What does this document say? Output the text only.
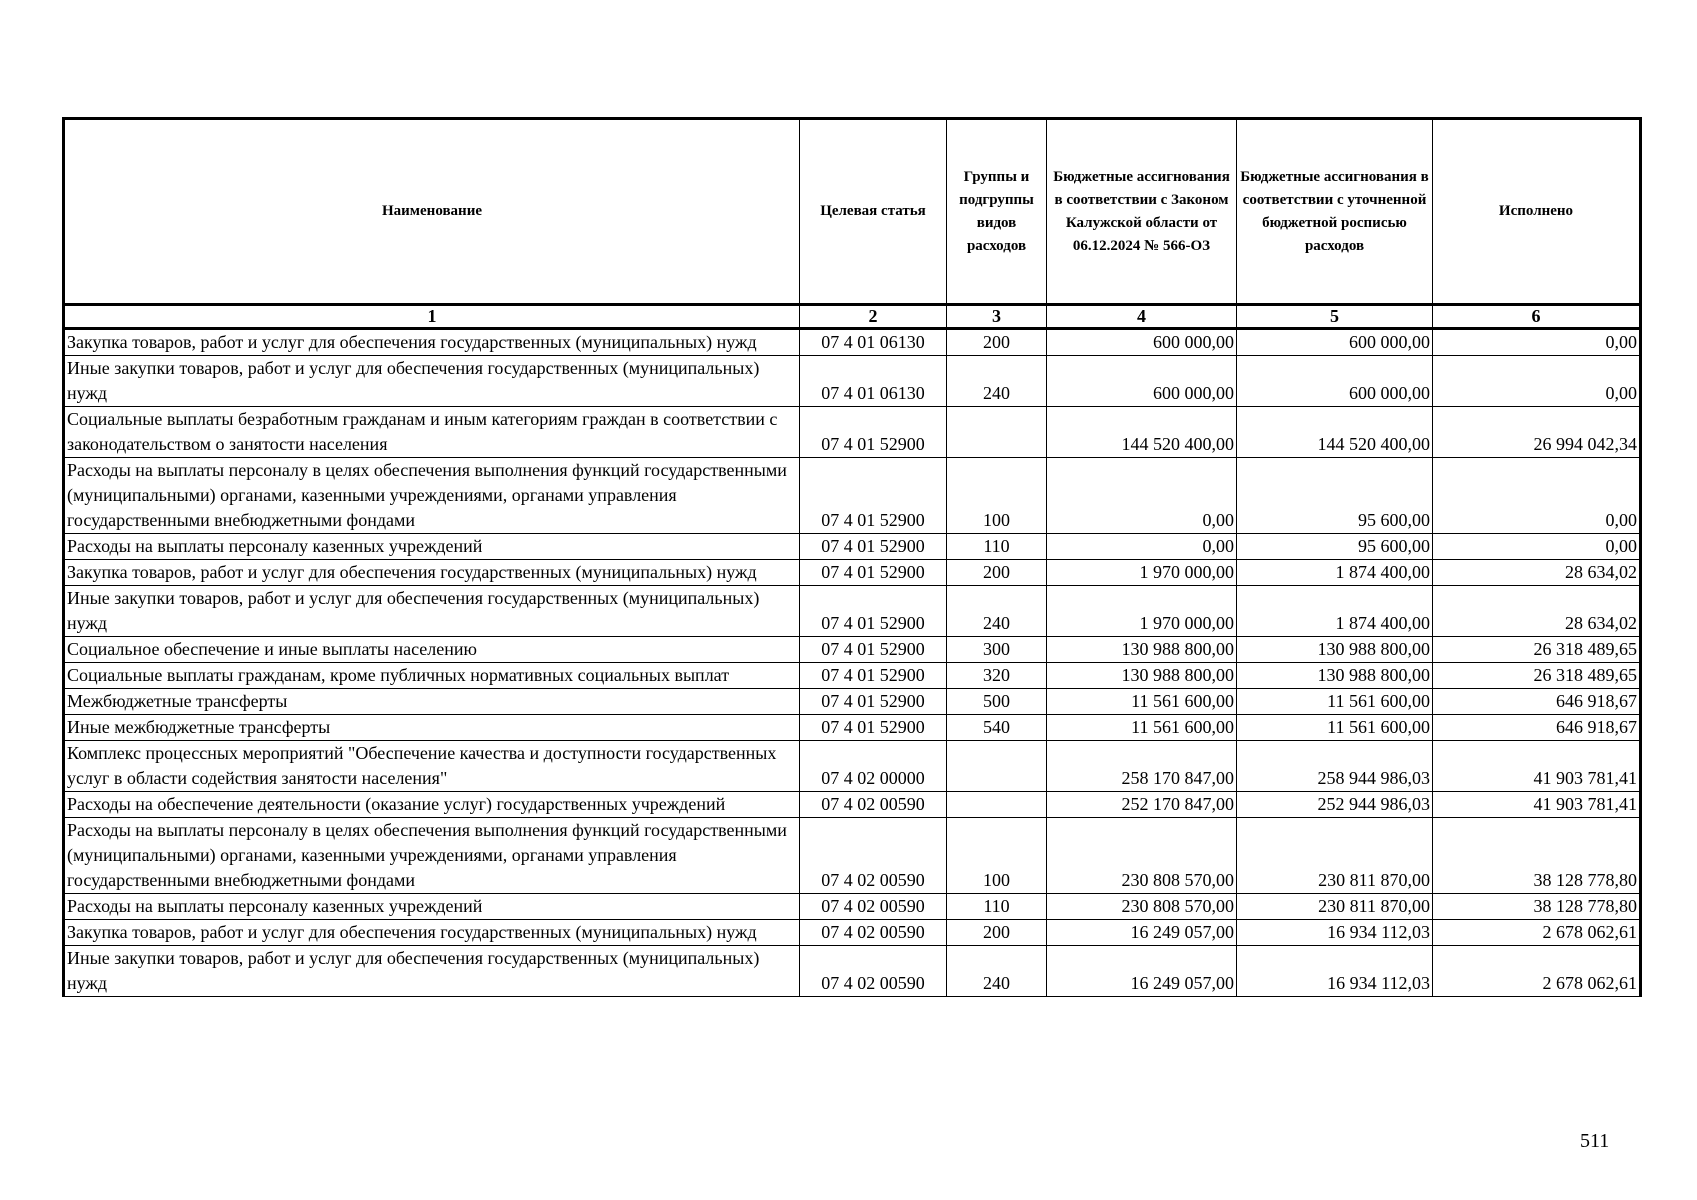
Наименование	Целевая статья	Группы и подгруппы видов расходов	Бюджетные ассигнования в соответствии с Законом Калужской области от 06.12.2024 № 566-ОЗ	Бюджетные ассигнования в соответствии с уточненной бюджетной росписью расходов	Исполнено
1	2	3	4	5	6
Закупка товаров, работ и услуг для обеспечения государственных (муниципальных) нужд	07 4 01 06130	200	600 000,00	600 000,00	0,00
Иные закупки товаров, работ и услуг для обеспечения государственных (муниципальных) нужд	07 4 01 06130	240	600 000,00	600 000,00	0,00
Социальные выплаты безработным гражданам и иным категориям граждан в соответствии с законодательством о занятости населения	07 4 01 52900		144 520 400,00	144 520 400,00	26 994 042,34
Расходы на выплаты персоналу в целях обеспечения выполнения функций государственными (муниципальными) органами, казенными учреждениями, органами управления государственными внебюджетными фондами	07 4 01 52900	100	0,00	95 600,00	0,00
Расходы на выплаты персоналу казенных учреждений	07 4 01 52900	110	0,00	95 600,00	0,00
Закупка товаров, работ и услуг для обеспечения государственных (муниципальных) нужд	07 4 01 52900	200	1 970 000,00	1 874 400,00	28 634,02
Иные закупки товаров, работ и услуг для обеспечения государственных (муниципальных) нужд	07 4 01 52900	240	1 970 000,00	1 874 400,00	28 634,02
Социальное обеспечение и иные выплаты населению	07 4 01 52900	300	130 988 800,00	130 988 800,00	26 318 489,65
Социальные выплаты гражданам, кроме публичных нормативных социальных выплат	07 4 01 52900	320	130 988 800,00	130 988 800,00	26 318 489,65
Межбюджетные трансферты	07 4 01 52900	500	11 561 600,00	11 561 600,00	646 918,67
Иные межбюджетные трансферты	07 4 01 52900	540	11 561 600,00	11 561 600,00	646 918,67
Комплекс процессных мероприятий "Обеспечение качества и доступности государственных услуг в области содействия занятости населения"	07 4 02 00000		258 170 847,00	258 944 986,03	41 903 781,41
Расходы на обеспечение деятельности (оказание услуг) государственных учреждений	07 4 02 00590		252 170 847,00	252 944 986,03	41 903 781,41
Расходы на выплаты персоналу в целях обеспечения выполнения функций государственными (муниципальными) органами, казенными учреждениями, органами управления государственными внебюджетными фондами	07 4 02 00590	100	230 808 570,00	230 811 870,00	38 128 778,80
Расходы на выплаты персоналу казенных учреждений	07 4 02 00590	110	230 808 570,00	230 811 870,00	38 128 778,80
Закупка товаров, работ и услуг для обеспечения государственных (муниципальных) нужд	07 4 02 00590	200	16 249 057,00	16 934 112,03	2 678 062,61
Иные закупки товаров, работ и услуг для обеспечения государственных (муниципальных) нужд	07 4 02 00590	240	16 249 057,00	16 934 112,03	2 678 062,61
511
